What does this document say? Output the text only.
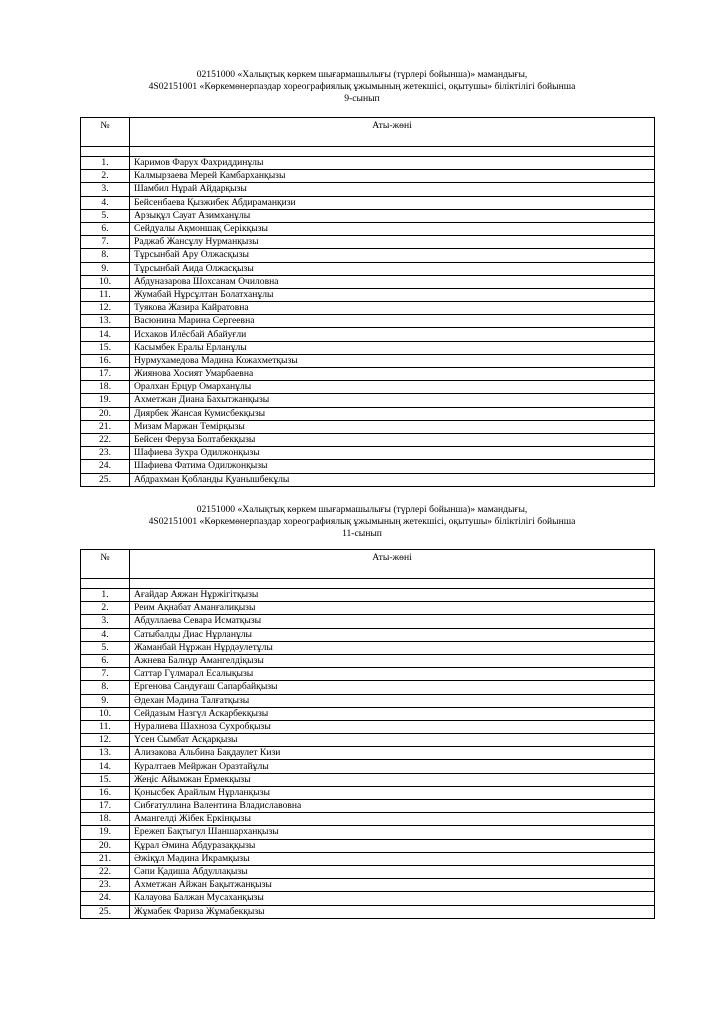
02151000 «Халықтық көркем шығармашылығы (түрлері бойынша)» мамандығы,
4S02151001 «Көркемөнерпаздар хореографиялық ұжымының жетекшісі, оқытушы» біліктілігі бойынша
9-сынып
№	Аты-жөні

1.	Каримов Фарух Фахриддинұлы
2.	Калмырзаева Мерей Камбарханқызы
3.	Шамбил Нұрай Айдарқызы
4.	Бейсенбаева Қызжибек Абдираманқизи
5.	Арзықұл Сауат Азимханұлы
6.	Сейдуалы Ақмоншақ Серікқызы
7.	Раджаб Жансұлу Нурманқызы
8.	Тұрсынбай Ару Олжасқызы
9.	Тұрсынбай Аида Олжасқызы
10.	Абдуназарова Шохсанам Очиловна
11.	Жумабай Нұрсұлтан Болатханұлы
12.	Туякова Жазира Кайратовна
13.	Васюнина Марина Сергеевна
14.	Исхаков Илёсбай Абайуғли
15.	Касымбек Ералы Ерланұлы
16.	Нурмухамедова Мәдина Кожахметқызы
17.	Жиянова Хосият Умарбаевна
18.	Оралхан Ерцур Омарханұлы
19.	Ахметжан Диана Бахытжанқызы
20.	Диярбек Жансая Кумисбекқызы
21.	Мизам Маржан Темірқызы
22.	Бейсен Феруза Болтабекқызы
23.	Шафиева Зухра Одилжонқызы
24.	Шафиева Фатима Одилжонқызы
25.	Абдрахман Қобланды Қуанышбекұлы
02151000 «Халықтық көркем шығармашылығы (түрлері бойынша)» мамандығы,
4S02151001 «Көркемөнерпаздар хореографиялық ұжымының жетекшісі, оқытушы» біліктілігі бойынша
11-сынып
№	Аты-жөні

1.	Ағайдар Аяжан Нұржігітқызы
2.	Реим Ақнабат Аманғалиқызы
3.	Абдуллаева Севара Исматқызы
4.	Сатыбалды Диас Нұрланұлы
5.	Жаманбай Нұржан Нұрдәулетұлы
6.	Ажнева Балнұр Амангелдіқызы
7.	Саттар Гүлмарал Есалықызы
8.	Ергенова Сандуғаш Сапарбайқызы
9.	Әдехан Мәдина Талғатқызы
10.	Сейдазым Назгүл Аскарбекқызы
11.	Нуралиева Шахноза Сухробқызы
12.	Үсен Сымбат Асқарқызы
13.	Ализакова Альбина Бақдаулет Кизи
14.	Куралтаев Мейржан Оразтайұлы
15.	Жеңіс Айымжан Ермекқызы
16.	Қонысбек Арайлым Нұрланқызы
17.	Сибғатуллина Валентина Владиславовна
18.	Амангелді Жібек Еркінқызы
19.	Ережеп Бақтыгул Шаншарханқызы
20.	Құрал Әмина Абдуразаққызы
21.	Әжіқұл Мәдина Икрамқызы
22.	Сәпи Қадиша Абдуллақызы
23.	Ахметжан Айжан Бақытжанқызы
24.	Калауова Балжан Мусаханқызы
25.	Жұмабек Фариза Жұмабекқызы
